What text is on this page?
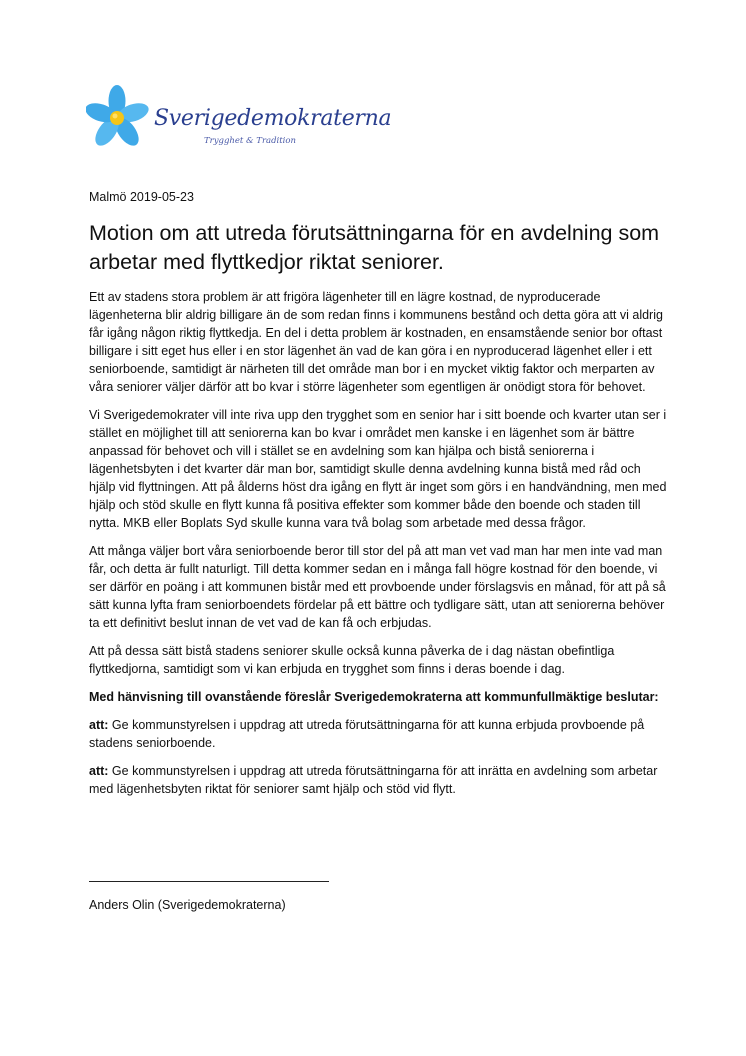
Sverigedemokraterna
Trygghet & Tradition
Malmö 2019-05-23
Motion om att utreda förutsättningarna för en avdelning som arbetar med flyttkedjor riktat seniorer.

Ett av stadens stora problem är att frigöra lägenheter till en lägre kostnad, de nyproducerade lägenheterna blir aldrig billigare än de som redan finns i kommunens bestånd och detta göra att vi aldrig får igång någon riktig flyttkedja. En del i detta problem är kostnaden, en ensamstående senior bor oftast billigare i sitt eget hus eller i en stor lägenhet än vad de kan göra i en nyproducerad lägenhet eller i ett seniorboende, samtidigt är närheten till det område man bor i en mycket viktig faktor och merparten av våra seniorer väljer därför att bo kvar i större lägenheter som egentligen är onödigt stora för behovet.

Vi Sverigedemokrater vill inte riva upp den trygghet som en senior har i sitt boende och kvarter utan ser i stället en möjlighet till att seniorerna kan bo kvar i området men kanske i en lägenhet som är bättre anpassad för behovet och vill i stället se en avdelning som kan hjälpa och bistå seniorerna i lägenhetsbyten i det kvarter där man bor, samtidigt skulle denna avdelning kunna bistå med råd och hjälp vid flyttningen. Att på ålderns höst dra igång en flytt är inget som görs i en handvändning, men med hjälp och stöd skulle en flytt kunna få positiva effekter som kommer både den boende och staden till nytta. MKB eller Boplats Syd skulle kunna vara två bolag som arbetade med dessa frågor.

Att många väljer bort våra seniorboende beror till stor del på att man vet vad man har men inte vad man får, och detta är fullt naturligt. Till detta kommer sedan en i många fall högre kostnad för den boende, vi ser därför en poäng i att kommunen bistår med ett provboende under förslagsvis en månad, för att på så sätt kunna lyfta fram seniorboendets fördelar på ett bättre och tydligare sätt, utan att seniorerna behöver ta ett definitivt beslut innan de vet vad de kan få och erbjudas.

Att på dessa sätt bistå stadens seniorer skulle också kunna påverka de i dag nästan obefintliga flyttkedjorna, samtidigt som vi kan erbjuda en trygghet som finns i deras boende i dag.

Med hänvisning till ovanstående föreslår Sverigedemokraterna att kommunfullmäktige beslutar:

att: Ge kommunstyrelsen i uppdrag att utreda förutsättningarna för att kunna erbjuda provboende på stadens seniorboende.

att: Ge kommunstyrelsen i uppdrag att utreda förutsättningarna för att inrätta en avdelning som arbetar med lägenhetsbyten riktat för seniorer samt hjälp och stöd vid flytt.

Anders Olin (Sverigedemokraterna)
